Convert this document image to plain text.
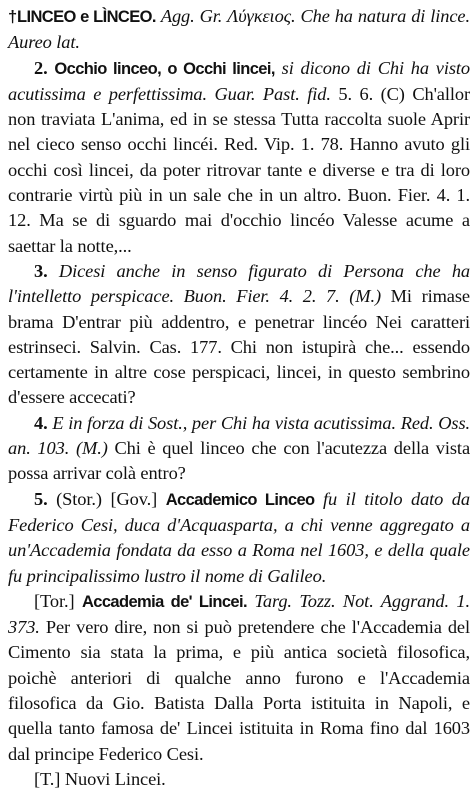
†LINCEO e LÌNCEO. Agg. Gr. Λύγκειος. Che ha natura di lince. Aureo lat.

2. Occhio linceo, o Occhi lincei, si dicono di Chi ha visto acutissima e perfettissima. Guar. Past. fid. 5. 6. (C) Ch'allor non traviata L'anima, ed in se stessa Tutta raccolta suole Aprir nel cieco senso occhi lincéi. Red. Vip. 1. 78. Hanno avuto gli occhi così lincei, da poter ritrovar tante e diverse e tra di loro contrarie virtù più in un sale che in un altro. Buon. Fier. 4. 1. 12. Ma se di sguardo mai d'occhio lincéo Valesse acume a saettar la notte,...

3. Dicesi anche in senso figurato di Persona che ha l'intelletto perspicace. Buon. Fier. 4. 2. 7. (M.) Mi rimase brama D'entrar più addentro, e penetrar lincéo Nei caratteri estrinseci. Salvin. Cas. 177. Chi non istupirà che... essendo certamente in altre cose perspicaci, lincei, in questo sembrino d'essere accecati?

4. E in forza di Sost., per Chi ha vista acutissima. Red. Oss. an. 103. (M.) Chi è quel linceo che con l'acutezza della vista possa arrivar colà entro?

5. (Stor.) [Gov.] Accademico Linceo fu il titolo dato da Federico Cesi, duca d'Acquasparta, a chi venne aggregato a un'Accademia fondata da esso a Roma nel 1603, e della quale fu principalissimo lustro il nome di Galileo.

[Tor.] Accademia de' Lincei. Targ. Tozz. Not. Aggrand. 1. 373. Per vero dire, non si può pretendere che l'Accademia del Cimento sia stata la prima, e più antica società filosofica, poichè anteriori di qualche anno furono e l'Accademia filosofica da Gio. Batista Dalla Porta istituita in Napoli, e quella tanto famosa de' Lincei istituita in Roma fino dal 1603 dal principe Federico Cesi.

[T.] Nuovi Lincei.
